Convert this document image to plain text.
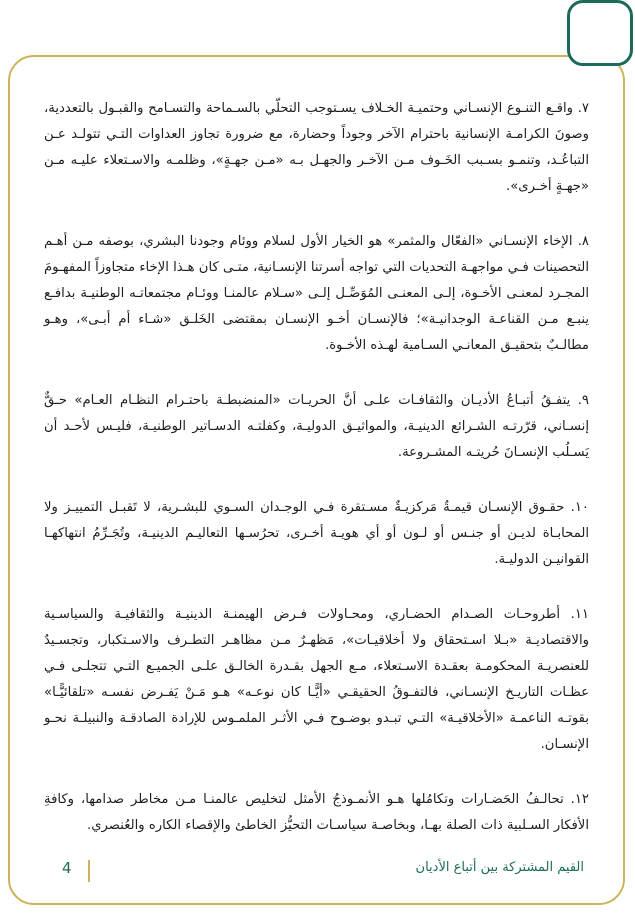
٧. واقـع التنـوع الإنسـاني وحتميـة الخـلاف يسـتوجب التحلّي بالسـماحة والتسـامح والقبـول بالتعددية، وصونَ الكرامـة الإنسانية باحترام الآخر وجوداً وحضارة، مع ضرورة تجاوز العداوات التـي تتولـد عـن التباعُـد، وتنمـو بسـبب الخَـوف مـن الآخـر والجهـل بـه «مـن جهـةٍ»، وظلمـه والاسـتعلاء عليـه مـن «جهـةٍ أخـرى».

٨. الإخاء الإنسـاني «الفعّال والمثمر» هو الخيار الأول لسلام ووئام وجودنا البشري، بوصفه مـن أهـم التحصينات فـي مواجهـة التحديات التي تواجه أسرتنا الإنسـانية، متـى كان هـذا الإخاء متجاوزاً المفهـومَ المجـرد لمعنـى الأخـوة، إلـى المعنـى المُوَصِّـل إلـى «سـلام عالمنـا ووئـام مجتمعاتـه الوطنيـة بدافـع ينبـع مـن القناعـة الوجدانيـة»؛ فالإنسـان أخـو الإنسـان بمقتضى الخَلـق «شـاء أم أبـى»، وهـو مطالـبٌ بتحقيـق المعانـي السـامية لهـذه الأخـوة.

٩. يتفـقُ أتبـاعُ الأديـان والثقافـات علـى أنَّ الحريـات «المنضبطـة باحتـرام النظـام العـام» حـقٌّ إنسـاني، قرّرتـه الشـرائع الدينيـة، والمواثيـق الدوليـة، وكفلتـه الدسـاتير الوطنيـة، فليـس لأحـد أن يَسـلُب الإنسـانَ حُريتـه المشـروعة.

١٠. حقـوق الإنسـان قيمـةٌ مَركزيـةٌ مسـتقرة فـي الوجـدان السـوي للبشـرية، لا تَقبـل التمييـز ولا المحابـاة لديـن أو جنـس أو لـون أو أي هويـة أخـرى، تحرُسـها التعاليـم الدينيـة، وتُجَـرِّمُ انتهاكهـا القوانيـن الدوليـة.

١١. أطروحـات الصـدام الحضـاري، ومحـاولات فـرض الهيمنـة الدينيـة والثقافيـة والسياسـية والاقتصاديـة «بـلا اسـتحقاق ولا أخلاقيـات»، مَظهـرٌ مـن مظاهـر التطـرف والاسـتكبار، وتجسـيدٌ للعنصريـة المحكومـة بعقـدة الاسـتعلاء، مـع الجهل بقـدرة الخالـق علـى الجميـع التـي تتجلـى فـي عظـات التاريـخ الإنسـاني، فالتفـوقُ الحقيقـي «أيًّـا كان نوعـه» هـو مَـنْ يَفـرض نفسـه «تلقائيًّـا» بقوتـه الناعمـة «الأخلاقيـة» التـي تبـدو بوضـوح فـي الأثـر الملمـوس للإرادة الصادقـة والنبيلـة نحـو الإنسـان.

١٢. تحالـفُ الحَضـارات وتكامُلها هـو الأنمـوذجُ الأمثل لتخليص عالمنـا مـن مخاطر صدامها، وكافةِ الأفكار السـلبية ذات الصلة بهـا، وبخاصـة سياسـات التحيُّز الخاطئ والإقصاء الكاره والعُنصري.

القيم المشتركة بين أتباع الأديان
4
